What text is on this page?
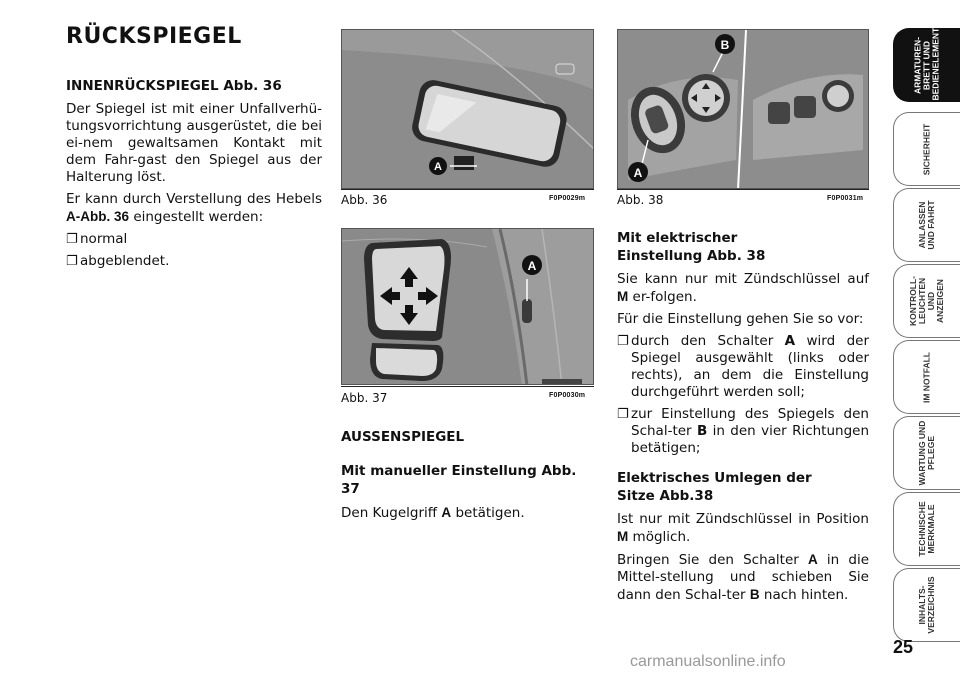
RÜCKSPIEGEL
INNENRÜCKSPIEGEL Abb. 36
Der Spiegel ist mit einer Unfallverhü-tungsvorrichtung ausgerüstet, die bei ei-nem gewaltsamen Kontakt mit dem Fahr-gast den Spiegel aus der Halterung löst.
Er kann durch Verstellung des Hebels A-Abb. 36 eingestellt werden:
❐ normal
❐ abgeblendet.
A
Abb. 36	F0P0029m
A
Abb. 37	F0P0030m
B
A
Abb. 38	F0P0031m
AUSSENSPIEGEL
Mit manueller Einstellung Abb. 37
Den Kugelgriff A betätigen.
Mit elektrischer Einstellung Abb. 38
Sie kann nur mit Zündschlüssel auf M er-folgen.
Für die Einstellung gehen Sie so vor:
❐ durch den Schalter A wird der Spiegel ausgewählt (links oder rechts), an dem die Einstellung durchgeführt werden soll;
❐ zur Einstellung des Spiegels den Schal-ter B in den vier Richtungen betätigen;
Elektrisches Umlegen der Sitze Abb.38
Ist nur mit Zündschlüssel in Position M möglich.
Bringen Sie den Schalter A in die Mittel-stellung und schieben Sie dann den Schal-ter B nach hinten.
ARMATUREN-
BRETT UND
BEDIENELEMENTE
SICHERHEIT
ANLASSEN
UND FAHRT
KONTROLL-
LEUCHTEN UND
ANZEIGEN
IM NOTFALL
WARTUNG UND
PFLEGE
TECHNISCHE
MERKMALE
INHALTS-
VERZEICHNIS
25
carmanualsonline.info
